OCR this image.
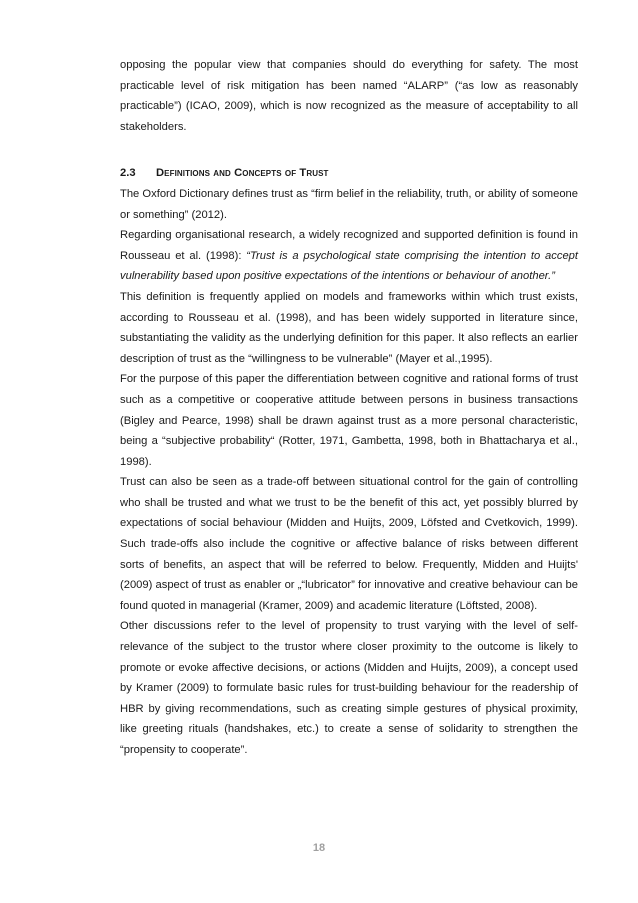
opposing the popular view that companies should do everything for safety. The most practicable level of risk mitigation has been named “ALARP” (“as low as reasonably practicable”) (ICAO, 2009), which is now recognized as the measure of acceptability to all stakeholders.

2.3	Definitions and Concepts of Trust

The Oxford Dictionary defines trust as “firm belief in the reliability, truth, or ability of someone or something” (2012).

Regarding organisational research, a widely recognized and supported definition is found in Rousseau et al. (1998): “Trust is a psychological state comprising the intention to accept vulnerability based upon positive expectations of the intentions or behaviour of another.”

This definition is frequently applied on models and frameworks within which trust exists, according to Rousseau et al. (1998), and has been widely supported in literature since, substantiating the validity as the underlying definition for this paper. It also reflects an earlier description of trust as the “willingness to be vulnerable” (Mayer et al.,1995).

For the purpose of this paper the differentiation between cognitive and rational forms of trust such as a competitive or cooperative attitude between persons in business transactions (Bigley and Pearce, 1998) shall be drawn against trust as a more personal characteristic, being a “subjective probability“ (Rotter, 1971, Gambetta, 1998, both in Bhattacharya et al., 1998).

Trust can also be seen as a trade-off between situational control for the gain of controlling who shall be trusted and what we trust to be the benefit of this act, yet possibly blurred by expectations of social behaviour (Midden and Huijts, 2009, Löfsted and Cvetkovich, 1999). Such trade-offs also include the cognitive or affective balance of risks between different sorts of benefits, an aspect that will be referred to below. Frequently, Midden and Huijts' (2009) aspect of trust as enabler or „“lubricator” for innovative and creative behaviour can be found quoted in managerial (Kramer, 2009) and academic literature (Löftsted, 2008).

Other discussions refer to the level of propensity to trust varying with the level of self-relevance of the subject to the trustor where closer proximity to the outcome is likely to promote or evoke affective decisions, or actions (Midden and Huijts, 2009), a concept used by Kramer (2009) to formulate basic rules for trust-building behaviour for the readership of HBR by giving recommendations, such as creating simple gestures of physical proximity, like greeting rituals (handshakes, etc.) to create a sense of solidarity to strengthen the “propensity to cooperate”.

18
